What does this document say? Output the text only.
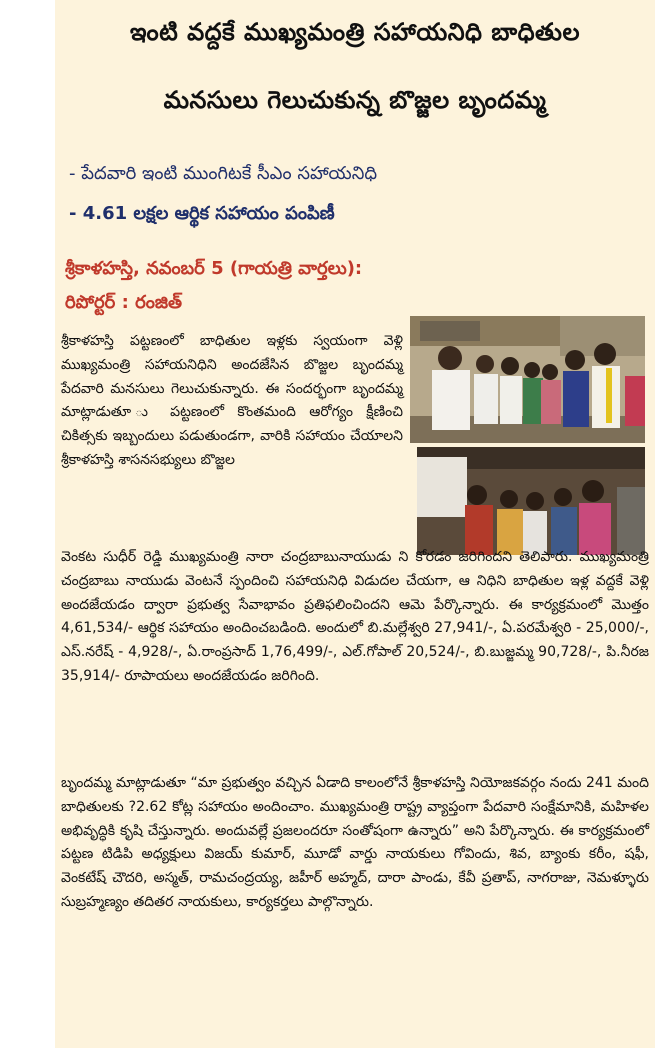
ఇంటి వద్దకే ముఖ్యమంత్రి సహాయనిధి బాధితుల
మనసులు గెలుచుకున్న బొజ్జల బృందమ్మ
- పేదవారి ఇంటి ముంగిటకే సీఎం సహాయనిధి
- 4.61 లక్షల ఆర్థిక సహాయం పంపిణీ
శ్రీకాళహస్తి, నవంబర్ 5 (గాయత్రి వార్తలు):
రిపోర్టర్ : రంజిత్
శ్రీకాళహస్తి పట్టణంలో బాధితుల ఇళ్లకు స్వయంగా వెళ్లి ముఖ్యమంత్రి సహాయనిధిని అందజేసిన బొజ్జల బృందమ్మ పేదవారి మనసులు గెలుచుకున్నారు. ఈ సందర్భంగా బృందమ్మ మాట్లాడుతూ ు పట్టణంలో కొంతమంది ఆరోగ్యం క్షీణించి చికిత్సకు ఇబ్బందులు పడుతుండగా, వారికి సహాయం చేయాలని శ్రీకాళహస్తి శాసనసభ్యులు బొజ్జల
వెంకట సుధీర్ రెడ్డి ముఖ్యమంత్రి నారా చంద్రబాబునాయుడు ని కోరడం జరిగిందని తెలిపారు. ముఖ్యమంత్రి చంద్రబాబు నాయుడు వెంటనే స్పందించి సహాయనిధి విడుదల చేయగా, ఆ నిధిని బాధితుల ఇళ్ల వద్దకే వెళ్లి అందజేయడం ద్వారా ప్రభుత్వ సేవాభావం ప్రతిఫలించిందని ఆమె పేర్కొన్నారు. ఈ కార్యక్రమంలో మొత్తం 4,61,534/- ఆర్థిక సహాయం అందించబడింది. అందులో బి.మల్లేశ్వరి 27,941/-, ఏ.పరమేశ్వరి - 25,000/-, ఎస్.నరేష్ - 4,928/-, ఏ.రాంప్రసాద్ 1,76,499/-, ఎల్.గోపాల్ 20,524/-, బి.బుజ్జమ్మ 90,728/-, పి.నీరజ 35,914/- రూపాయలు అందజేయడం జరిగింది.
బృందమ్మ మాట్లాడుతూ “మా ప్రభుత్వం వచ్చిన ఏడాది కాలంలోనే శ్రీకాళహస్తి నియోజకవర్గం నందు 241 మంది బాధితులకు ?2.62 కోట్ల సహాయం అందించాం. ముఖ్యమంత్రి రాష్ట్ర వ్యాప్తంగా పేదవారి సంక్షేమానికి, మహిళల అభివృద్ధికి కృషి చేస్తున్నారు. అందువల్లే ప్రజలందరూ సంతోషంగా ఉన్నారు” అని పేర్కొన్నారు. ఈ కార్యక్రమంలో పట్టణ టిడిపి అధ్యక్షులు విజయ్ కుమార్, మూడో వార్డు నాయకులు గోవిందు, శివ, బ్యాంకు కరీం, షఫీ, వెంకటేష్ చౌదరి, అస్మత్, రామచంద్రయ్య, జహీర్ అహ్మద్, దారా పాండు, కేవీ ప్రతాప్, నాగరాజు, నెమళ్ళూరు సుబ్రహ్మణ్యం తదితర నాయకులు, కార్యకర్తలు పాల్గొన్నారు.
